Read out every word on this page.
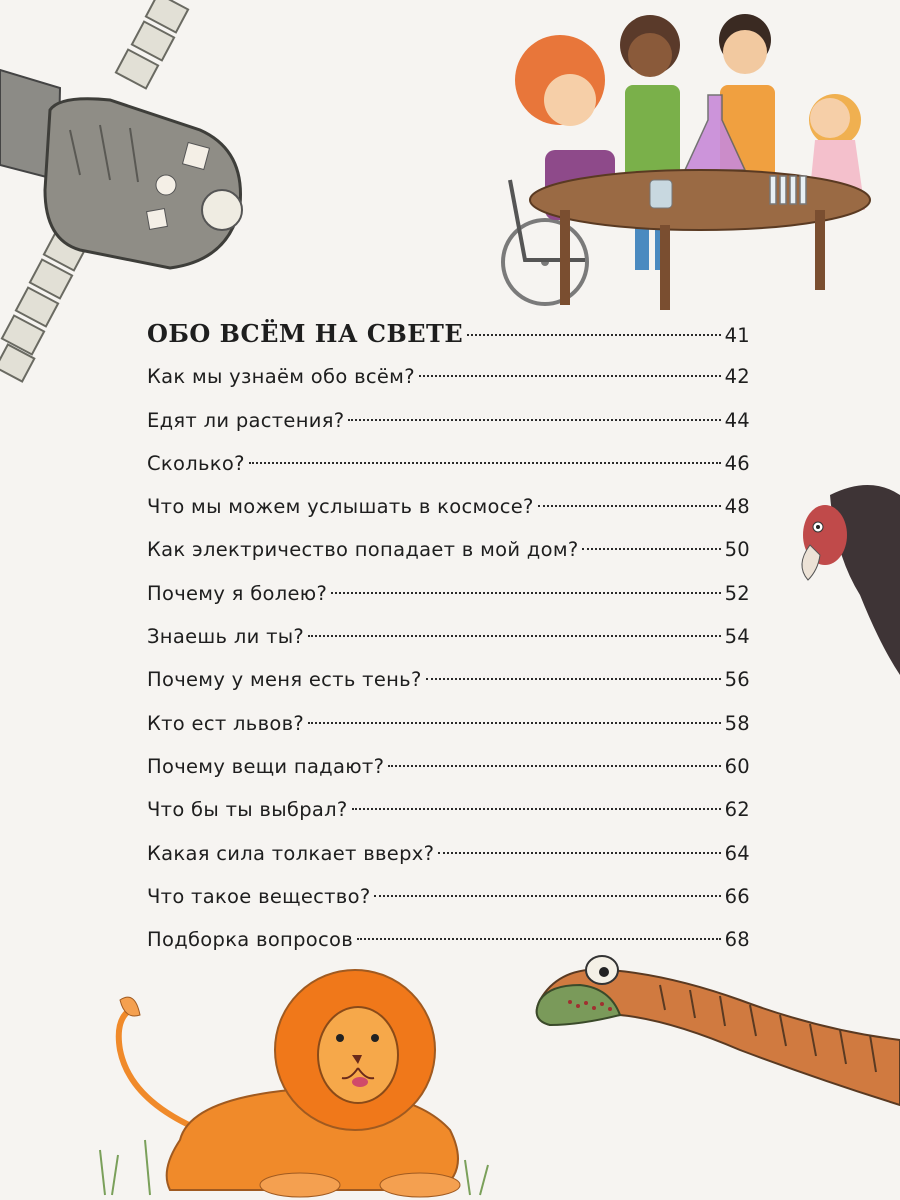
ОБО ВСЁМ НА СВЕТЕ	41
Как мы узнаём обо всём?	42
Едят ли растения?	44
Сколько?	46
Что мы можем услышать в космосе?	48
Как электричество попадает в мой дом?	50
Почему я болею?	52
Знаешь ли ты?	54
Почему у меня есть тень?	56
Кто ест львов?	58
Почему вещи падают?	60
Что бы ты выбрал?	62
Какая сила толкает вверх?	64
Что такое вещество?	66
Подборка вопросов	68
